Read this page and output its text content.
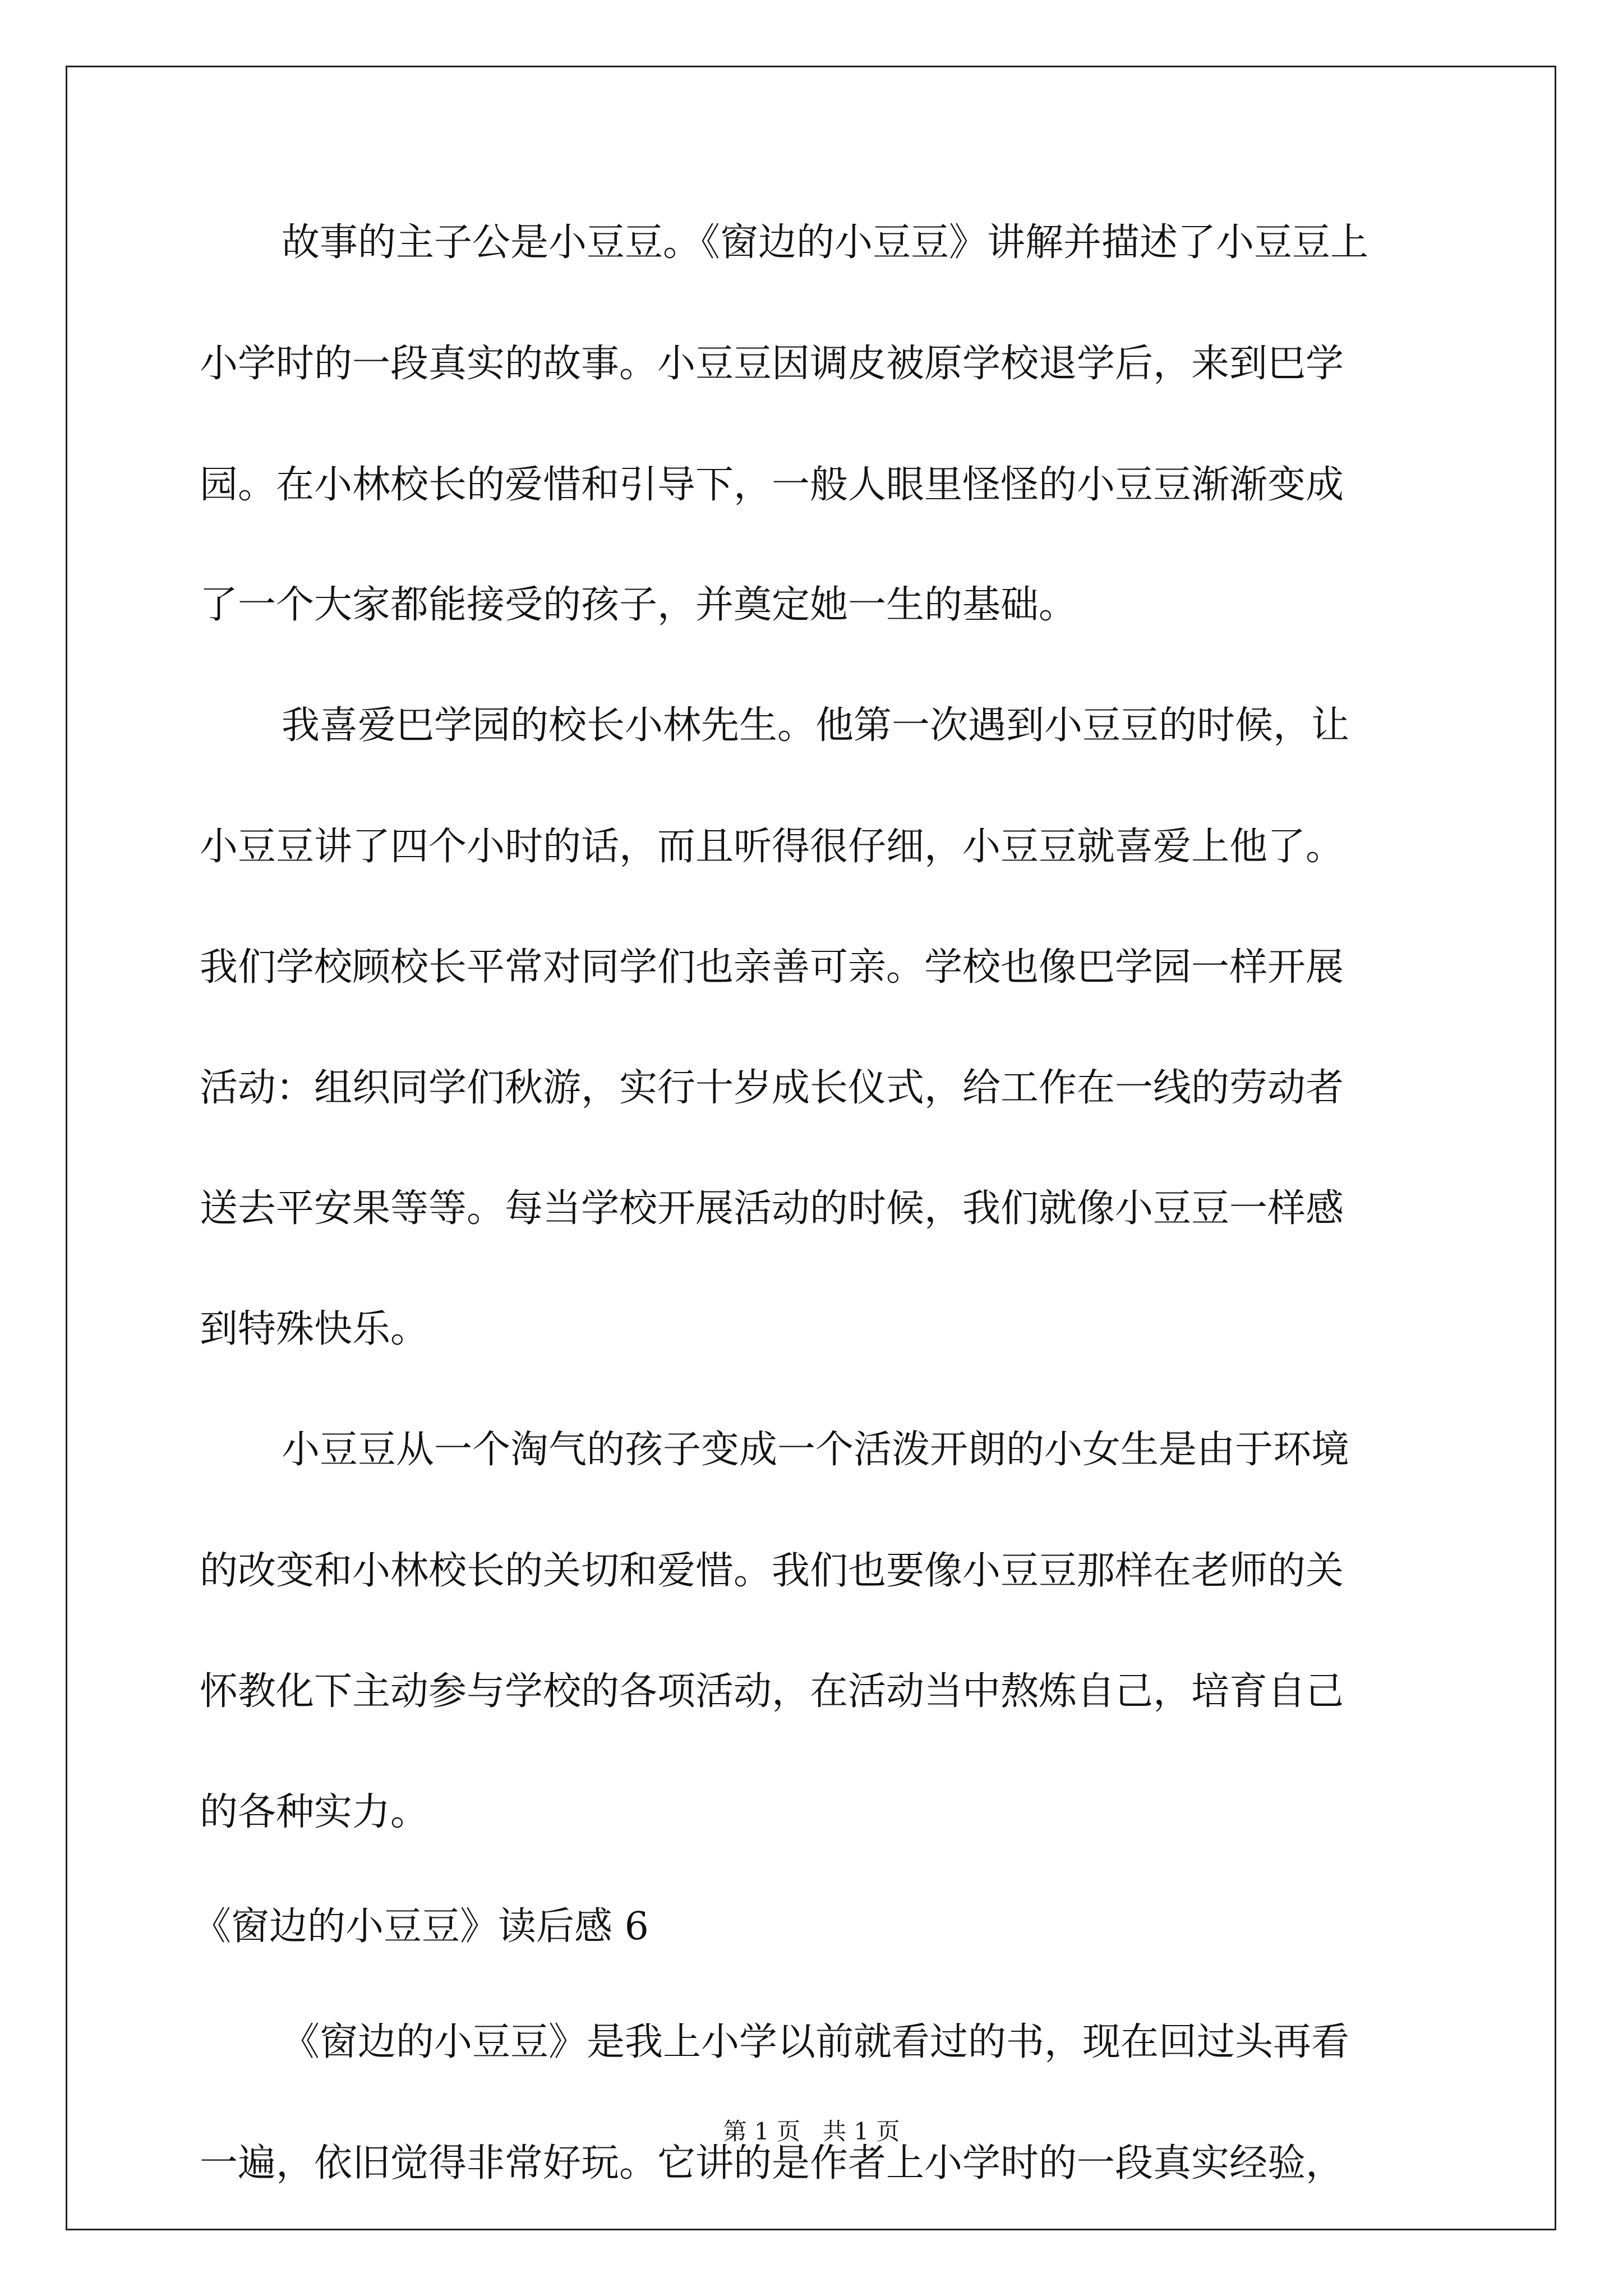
故事的主子公是小豆豆。《窗边的小豆豆》讲解并描述了小豆豆上
小学时的一段真实的故事。小豆豆因调皮被原学校退学后，来到巴学
园。在小林校长的爱惜和引导下，一般人眼里怪怪的小豆豆渐渐变成
了一个大家都能接受的孩子，并奠定她一生的基础。
我喜爱巴学园的校长小林先生。他第一次遇到小豆豆的时候，让
小豆豆讲了四个小时的话，而且听得很仔细，小豆豆就喜爱上他了。
我们学校顾校长平常对同学们也亲善可亲。学校也像巴学园一样开展
活动：组织同学们秋游，实行十岁成长仪式，给工作在一线的劳动者
送去平安果等等。每当学校开展活动的时候，我们就像小豆豆一样感
到特殊快乐。
小豆豆从一个淘气的孩子变成一个活泼开朗的小女生是由于环境
的改变和小林校长的关切和爱惜。我们也要像小豆豆那样在老师的关
怀教化下主动参与学校的各项活动，在活动当中熬炼自己，培育自己
的各种实力。
《窗边的小豆豆》读后感 6
《窗边的小豆豆》是我上小学以前就看过的书，现在回过头再看
一遍，依旧觉得非常好玩。它讲的是作者上小学时的一段真实经验，
第 1 页   共 1 页
